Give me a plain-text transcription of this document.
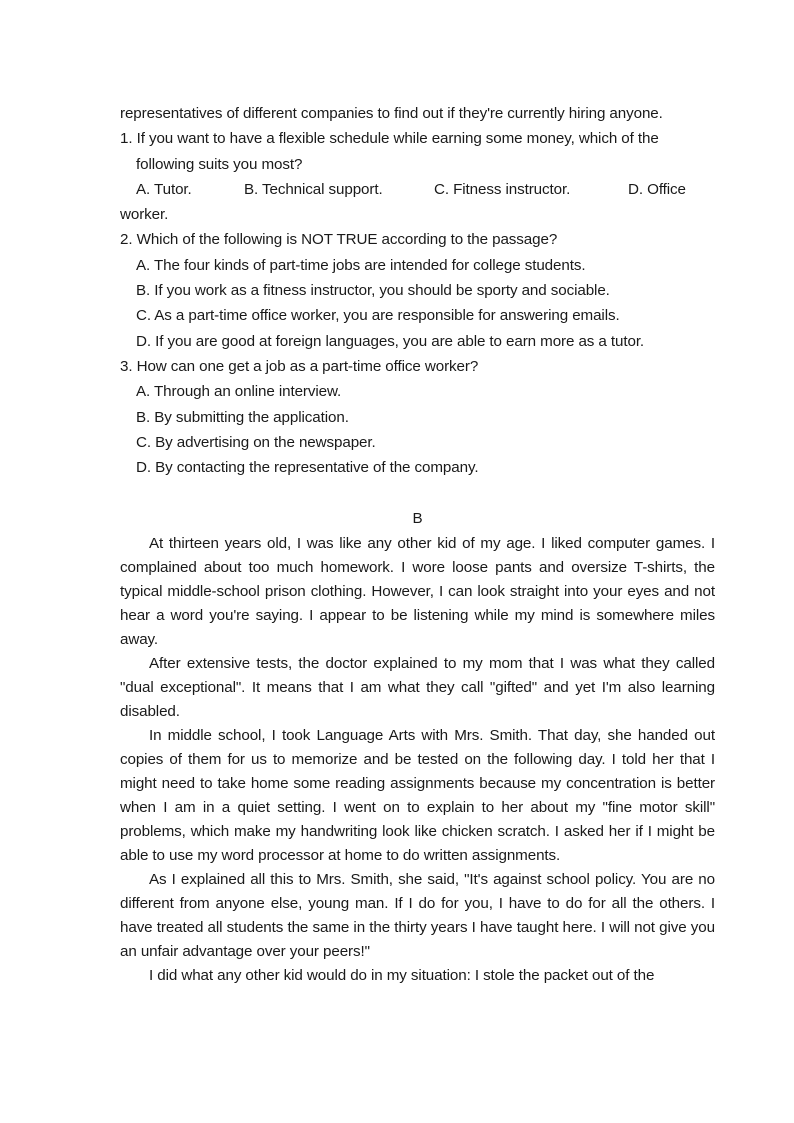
representatives of different companies to find out if they're currently hiring anyone.
1. If you want to have a flexible schedule while earning some money, which of the
following suits you most?
A. Tutor.	B. Technical support.	C. Fitness instructor.	D. Office
worker.
2. Which of the following is NOT TRUE according to the passage?
A. The four kinds of part-time jobs are intended for college students.
B. If you work as a fitness instructor, you should be sporty and sociable.
C. As a part-time office worker, you are responsible for answering emails.
D. If you are good at foreign languages, you are able to earn more as a tutor.
3. How can one get a job as a part-time office worker?
A. Through an online interview.
B. By submitting the application.
C. By advertising on the newspaper.
D. By contacting the representative of the company.
B

At thirteen years old, I was like any other kid of my age. I liked computer games. I complained about too much homework. I wore loose pants and oversize T-shirts, the typical middle-school prison clothing. However, I can look straight into your eyes and not hear a word you're saying. I appear to be listening while my mind is somewhere miles away.

After extensive tests, the doctor explained to my mom that I was what they called "dual exceptional". It means that I am what they call "gifted" and yet I'm also learning disabled.

In middle school, I took Language Arts with Mrs. Smith. That day, she handed out copies of them for us to memorize and be tested on the following day. I told her that I might need to take home some reading assignments because my concentration is better when I am in a quiet setting. I went on to explain to her about my "fine motor skill" problems, which make my handwriting look like chicken scratch. I asked her if I might be able to use my word processor at home to do written assignments.

As I explained all this to Mrs. Smith, she said, "It's against school policy. You are no different from anyone else, young man. If I do for you, I have to do for all the others. I have treated all students the same in the thirty years I have taught here. I will not give you an unfair advantage over your peers!"

I did what any other kid would do in my situation: I stole the packet out of the
